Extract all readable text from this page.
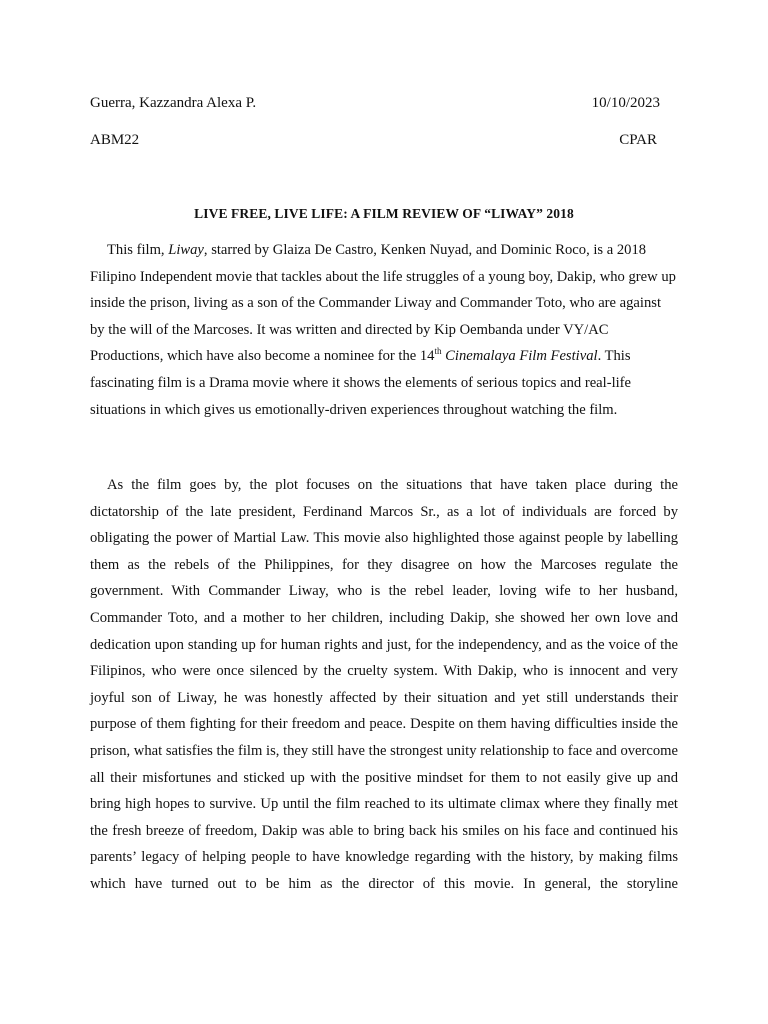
Guerra, Kazzandra Alexa P.	10/10/2023
ABM22	CPAR
LIVE FREE, LIVE LIFE: A FILM REVIEW OF “LIWAY” 2018

This film, Liway, starred by Glaiza De Castro, Kenken Nuyad, and Dominic Roco, is a 2018 Filipino Independent movie that tackles about the life struggles of a young boy, Dakip, who grew up inside the prison, living as a son of the Commander Liway and Commander Toto, who are against by the will of the Marcoses. It was written and directed by Kip Oembanda under VY/AC Productions, which have also become a nominee for the 14th Cinemalaya Film Festival. This fascinating film is a Drama movie where it shows the elements of serious topics and real-life situations in which gives us emotionally-driven experiences throughout watching the film.

As the film goes by, the plot focuses on the situations that have taken place during the dictatorship of the late president, Ferdinand Marcos Sr., as a lot of individuals are forced by obligating the power of Martial Law. This movie also highlighted those against people by labelling them as the rebels of the Philippines, for they disagree on how the Marcoses regulate the government. With Commander Liway, who is the rebel leader, loving wife to her husband, Commander Toto, and a mother to her children, including Dakip, she showed her own love and dedication upon standing up for human rights and just, for the independency, and as the voice of the Filipinos, who were once silenced by the cruelty system. With Dakip, who is innocent and very joyful son of Liway, he was honestly affected by their situation and yet still understands their purpose of them fighting for their freedom and peace. Despite on them having difficulties inside the prison, what satisfies the film is, they still have the strongest unity relationship to face and overcome all their misfortunes and sticked up with the positive mindset for them to not easily give up and bring high hopes to survive. Up until the film reached to its ultimate climax where they finally met the fresh breeze of freedom, Dakip was able to bring back his smiles on his face and continued his parents’ legacy of helping people to have knowledge regarding with the history, by making films which have turned out to be him as the director of this movie. In general, the storyline
